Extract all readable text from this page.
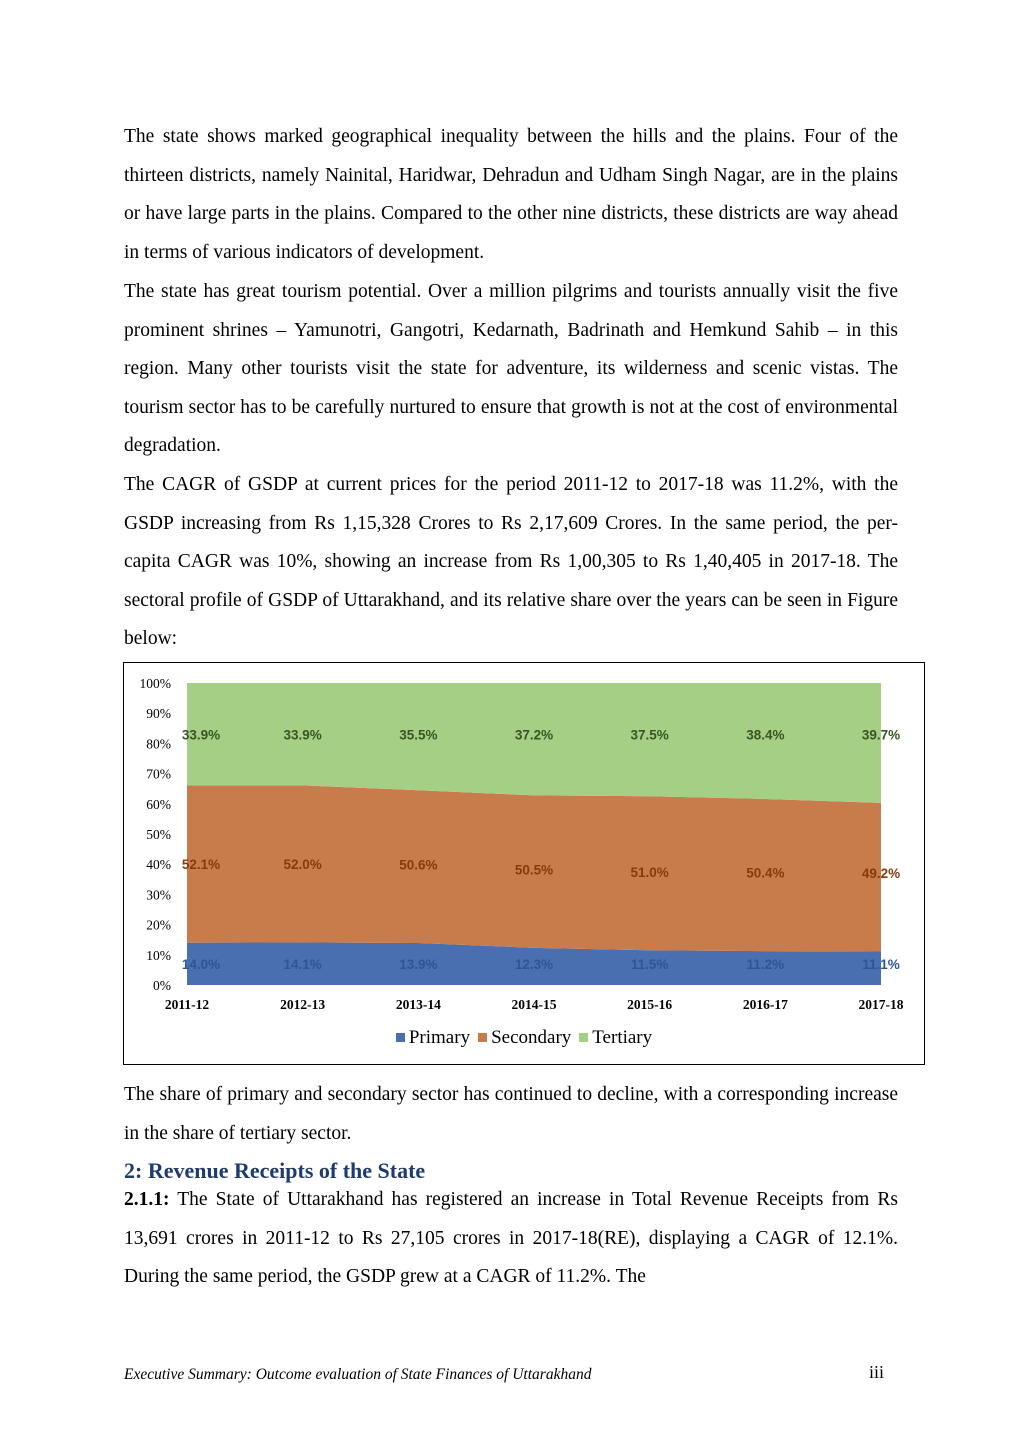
The state shows marked geographical inequality between the hills and the plains. Four of the thirteen districts, namely Nainital, Haridwar, Dehradun and Udham Singh Nagar, are in the plains or have large parts in the plains. Compared to the other nine districts, these districts are way ahead in terms of various indicators of development.

The state has great tourism potential. Over a million pilgrims and tourists annually visit the five prominent shrines – Yamunotri, Gangotri, Kedarnath, Badrinath and Hemkund Sahib – in this region. Many other tourists visit the state for adventure, its wilderness and scenic vistas. The tourism sector has to be carefully nurtured to ensure that growth is not at the cost of environmental degradation.

The CAGR of GSDP at current prices for the period 2011-12 to 2017-18 was 11.2%, with the GSDP increasing from Rs 1,15,328 Crores to Rs 2,17,609 Crores. In the same period, the per-capita CAGR was 10%, showing an increase from Rs 1,00,305 to Rs 1,40,405 in 2017-18. The sectoral profile of GSDP of Uttarakhand, and its relative share over the years can be seen in Figure below:

0%
10%
20%
30%
40%
50%
60%
70%
80%
90%
100%
2011-12	2012-13	2013-14	2014-15	2015-16	2016-17	2017-18
14.0%	14.1%	13.9%	12.3%	11.5%	11.2%	11.1%
52.1%	52.0%	50.6%	50.5%	51.0%	50.4%	49.2%
33.9%	33.9%	35.5%	37.2%	37.5%	38.4%	39.7%
Primary Secondary Tertiary

The share of primary and secondary sector has continued to decline, with a corresponding increase in the share of tertiary sector.

2: Revenue Receipts of the State

2.1.1: The State of Uttarakhand has registered an increase in Total Revenue Receipts from Rs 13,691 crores in 2011-12 to Rs 27,105 crores in 2017-18(RE), displaying a CAGR of 12.1%. During the same period, the GSDP grew at a CAGR of 11.2%. The

Executive Summary: Outcome evaluation of State Finances of Uttarakhand	iii
